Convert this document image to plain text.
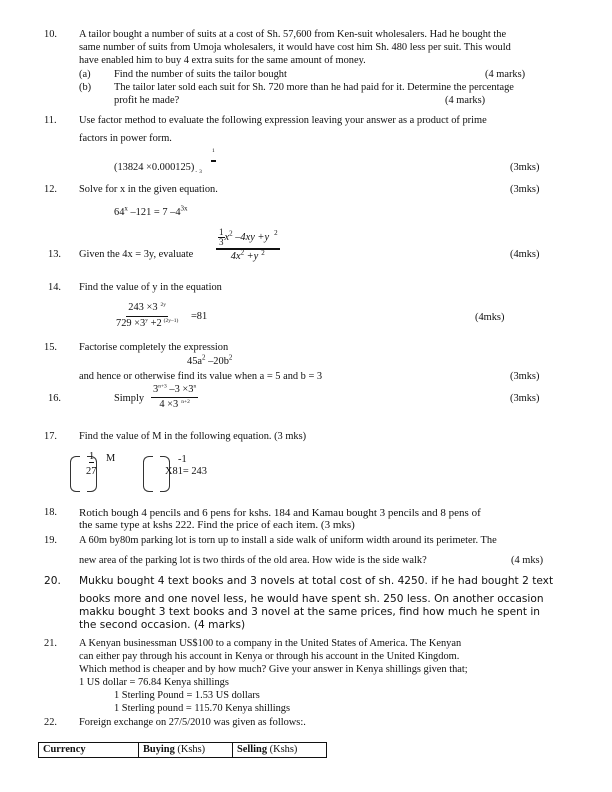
10. A tailor bought a number of suits at a cost of Sh. 57,600 from Ken-suit wholesalers. Had he bought the
same number of suits from Umoja wholesalers, it would have cost him Sh. 480 less per suit. This would
have enabled him to buy 4 extra suits for the same amount of money.
(a) Find the number of suits the tailor bought	(4 marks)
(b) The tailor later sold each suit for Sh. 720 more than he had paid for it. Determine the percentage
profit he made?	(4 marks)
11. Use factor method to evaluate the following expression leaving your answer as a product of prime
factors in power form.
$(13824 \times 0.000125)_-$ $_3$
1
(3mks)
12. Solve for x in the given equation.	(3mks)
64$^x$ –121 = 7 $-4^{3x}$
13. Given the 4x = 3y, evaluate	$\frac{\frac{1}{3} x^2 -4xy +y ^2}{4x^2 +y ^2}$	(4mks)
14. Find the value of y in the equation
$\frac{243 \times 3 ^{2y}}{729 \times 3^y +2 ^{(2y-1)}} =81$	(4mks)
15. Factorise completely the expression
$45a^2$ $-20b^2$
and hence or otherwise find its value when a = 5 and b = 3	(3mks)
16.	Simply $\frac{3^{n+3} -3 \times 3^n}{4 \times 3 ^{n+2}}$	(3mks)
17. Find the value of M in the following equation. (3 mks)
1
27
M	-1
X81= 243
18. Rotich bough 4 pencils and 6 pens for kshs. 184 and Kamau bought 3 pencils and 8 pens of
the same type at kshs 222. Find the price of each item. (3 mks)
19. A 60m by80m parking lot is torn up to install a side walk of uniform width around its perimeter. The
new area of the parking lot is two thirds of the old area. How wide is the side walk?	(4 mks)
20. Mukku bought 4 text books and 3 novels at total cost of sh. 4250. if he had bought 2 text
books more and one novel less, he would have spent sh. 250 less. On another occasion
makku bought 3 text books and 3 novel at the same prices, find how much he spent in
the second occasion. (4 marks)
21. A Kenyan businessman US$100 to a company in the United States of America. The Kenyan
can either pay through his account in Kenya or through his account in the United Kingdom.
Which method is cheaper and by how much? Give your answer in Kenya shillings given that;
1 US dollar = 76.84 Kenya shillings
1 Sterling Pound = 1.53 US dollars
1 Sterling pound = 115.70 Kenya shillings
22. Foreign exchange on 27/5/2010 was given as follows:.
Currency	Buying (Kshs)	Selling (Kshs)
